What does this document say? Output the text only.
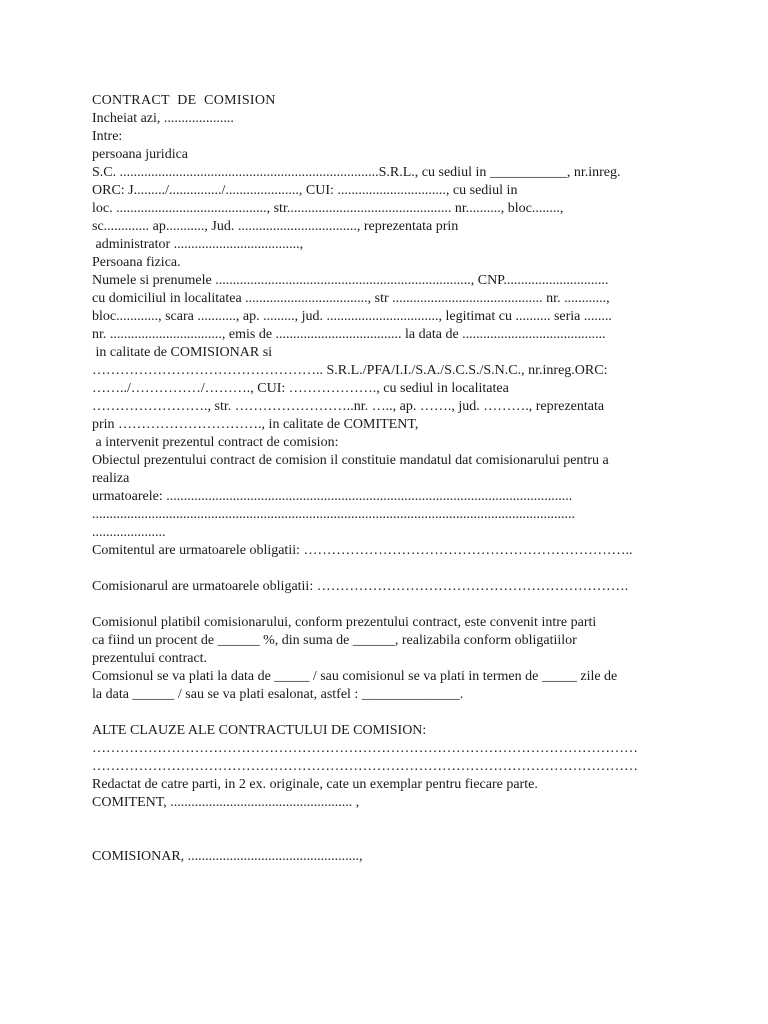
CONTRACT  DE  COMISION
Incheiat azi, ....................
Intre:
persoana juridica
S.C. ..........................................................................S.R.L., cu sediul in ___________, nr.inreg.
ORC: J........./.............../....................., CUI: ..............................., cu sediul in
loc. ..........................................., str............................................... nr.........., bloc........,
sc............. ap..........., Jud. .................................., reprezentata prin
administrator ....................................,
Persoana fizica.
Numele si prenumele ........................................................................., CNP..............................
cu domiciliul in localitatea ..................................., str ........................................... nr. ............,
bloc............, scara ..........., ap. ........., jud. ................................, legitimat cu .......... seria ........
nr. ................................, emis de .................................... la data de .........................................
in calitate de COMISIONAR si
………………………………………….. S.R.L./PFA/I.I./S.A./S.C.S./S.N.C., nr.inreg.ORC:
……../……………/………., CUI: ………………., cu sediul in localitatea
……………………., str. ……………………..nr. ….., ap. ……., jud. ………., reprezentata
prin …………………………., in calitate de COMITENT,
a intervenit prezentul contract de comision:
Obiectul prezentului contract de comision il constituie mandatul dat comisionarului pentru a
realiza
urmatoarele: ....................................................................................................................
..........................................................................................................................................
.....................
Comitentul are urmatoarele obligatii: ……………………………………………………………..
Comisionarul are urmatoarele obligatii: ………………………………………………………….
Comisionul platibil comisionarului, conform prezentului contract, este convenit intre parti
ca fiind un procent de ______ %, din suma de ______, realizabila conform obligatiilor
prezentului contract.
Comsionul se va plati la data de _____ / sau comisionul se va plati in termen de _____ zile de
la data ______ / sau se va plati esalonat, astfel : ______________.
ALTE CLAUZE ALE CONTRACTULUI DE COMISION:
………………………………………………………………………………………………………
………………………………………………………………………………………………………
Redactat de catre parti, in 2 ex. originale, cate un exemplar pentru fiecare parte.
COMITENT, .................................................... ,
COMISIONAR, .................................................,
